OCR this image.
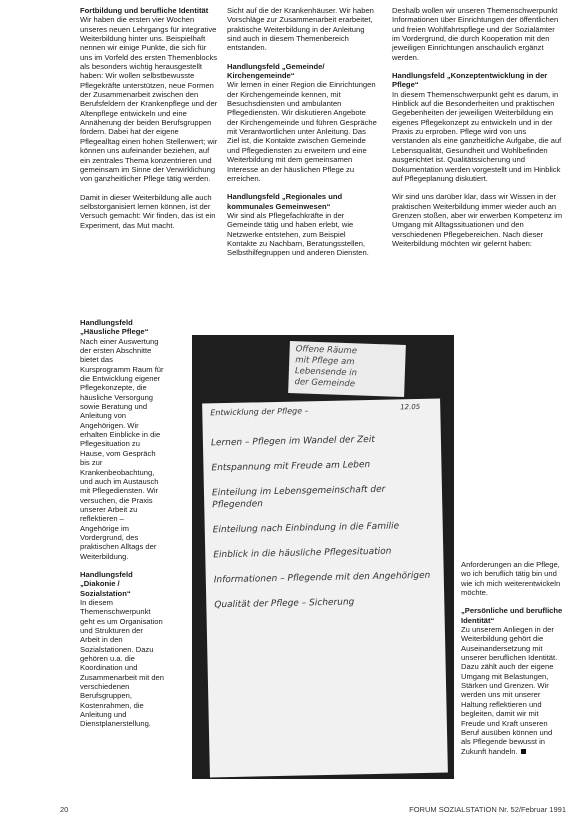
Fortbildung und berufliche Identität

Wir haben die ersten vier Wochen unseres neuen Lehrgangs für integrative Weiterbildung hinter uns. Beispielhaft nennen wir einige Punkte, die sich für uns im Vorfeld des ersten Themenblocks als besonders wichtig herausgestellt haben: Wir wollen selbstbewusste Pflegekräfte unterstützen, neue Formen der Zusammenarbeit zwischen den Berufsfeldern der Krankenpflege und der Altenpflege entwickeln und eine Annäherung der beiden Berufsgruppen fördern. Dabei hat der eigene Pflegealltag einen hohen Stellenwert; wir können uns aufeinander beziehen, auf ein zentrales Thema konzentrieren und gemeinsam im Sinne der Verwirklichung von ganzheitlicher Pflege tätig werden.

Damit in dieser Weiterbildung alle auch selbstorganisiert lernen können, ist der Versuch gemacht: Wir finden, das ist ein Experiment, das Mut macht.

Handlungsfeld „Häusliche Pflege“

Nach einer Auswertung der ersten Abschnitte bietet das Kursprogramm Raum für die Entwicklung eigener Pflegekonzepte, die häusliche Versorgung sowie Beratung und Anleitung von Angehörigen. Wir erhalten Einblicke in die Pflegesituation zu Hause, vom Gespräch bis zur Krankenbeobachtung, und auch im Austausch mit Pflegediensten. Wir versuchen, die Praxis unserer Arbeit zu reflektieren – Angehörige im Vordergrund, des praktischen Alltags der Weiterbildung.

Handlungsfeld „Diakonie / Sozialstation“

In diesem Themenschwerpunkt geht es um Organisation und Strukturen der Arbeit in den Sozialstationen. Dazu gehören u.a. die Koordination und Zusammenarbeit mit den verschiedenen Berufsgruppen, Kostenrahmen, die Anleitung und Dienstplanerstellung.

Sicht auf die der Krankenhäuser. Wir haben Vorschläge zur Zusammenarbeit erarbeitet, praktische Weiterbildung in der Anleitung sind auch in diesem Themenbereich entstanden.

Handlungsfeld „Gemeinde/ Kirchengemeinde“

Wir lernen in einer Region die Einrichtungen der Kirchengemeinde kennen, mit Besuchsdiensten und ambulanten Pflegediensten. Wir diskutieren Angebote der Kirchengemeinde und führen Gespräche mit Verantwortlichen unter Anleitung. Das Ziel ist, die Kontakte zwischen Gemeinde und Pflegediensten zu erweitern und eine Weiterbildung mit dem gemeinsamen Interesse an der häuslichen Pflege zu erreichen.

Handlungsfeld „Regionales und kommunales Gemeinwesen“

Wir sind als Pflegefachkräfte in der Gemeinde tätig und haben erlebt, wie Netzwerke entstehen, zum Beispiel Kontakte zu Nachbarn, Beratungsstellen, Selbsthilfegruppen und anderen Diensten.

Deshalb wollen wir unseren Themenschwerpunkt Informationen über Einrichtungen der öffentlichen und freien Wohlfahrtspflege und der Sozialämter im Vordergrund, die durch Kooperation mit den jeweiligen Einrichtungen anschaulich ergänzt werden.

Handlungsfeld „Konzeptentwicklung in der Pflege“

In diesem Themenschwerpunkt geht es darum, in Hinblick auf die Besonderheiten und praktischen Gegebenheiten der jeweiligen Weiterbildung ein eigenes Pflegekonzept zu entwickeln und in der Praxis zu erproben. Pflege wird von uns verstanden als eine ganzheitliche Aufgabe, die auf Lebensqualität, Gesundheit und Wohlbefinden ausgerichtet ist. Qualitätssicherung und Dokumentation werden vorgestellt und im Hinblick auf Pflegeplanung diskutiert.

Wir sind uns darüber klar, dass wir Wissen in der praktischen Weiterbildung immer wieder auch an Grenzen stoßen, aber wir erwerben Kompetenz im Umgang mit Alltagssituationen und den verschiedenen Pflegebereichen. Nach dieser Weiterbildung möchten wir gelernt haben:

Anforderungen an die Pflege, wo ich beruflich tätig bin und wie ich mich weiterentwickeln möchte.

„Persönliche und berufliche Identität“

Zu unserem Anliegen in der Weiterbildung gehört die Auseinandersetzung mit unserer beruflichen Identität. Dazu zählt auch der eigene Umgang mit Belastungen, Stärken und Grenzen. Wir werden uns mit unserer Haltung reflektieren und begleiten, damit wir mit Freude und Kraft unseren Beruf ausüben können und als Pflegende bewusst in Zukunft handeln.

Offene Räume
mit Pflege am
Lebensende in
der Gemeinde
12.05
Entwicklung der Pflege –
Lernen – Pflegen im Wandel der Zeit
Entspannung mit Freude am Leben
Einteilung im Lebensgemeinschaft der Pflegenden
Einteilung nach Einbindung in die Familie
Einblick in die häusliche Pflegesituation
Informationen – Pflegende mit den Angehörigen
Qualität der Pflege – Sicherung
20	FORUM SOZIALSTATION Nr. 52/Februar 1991
